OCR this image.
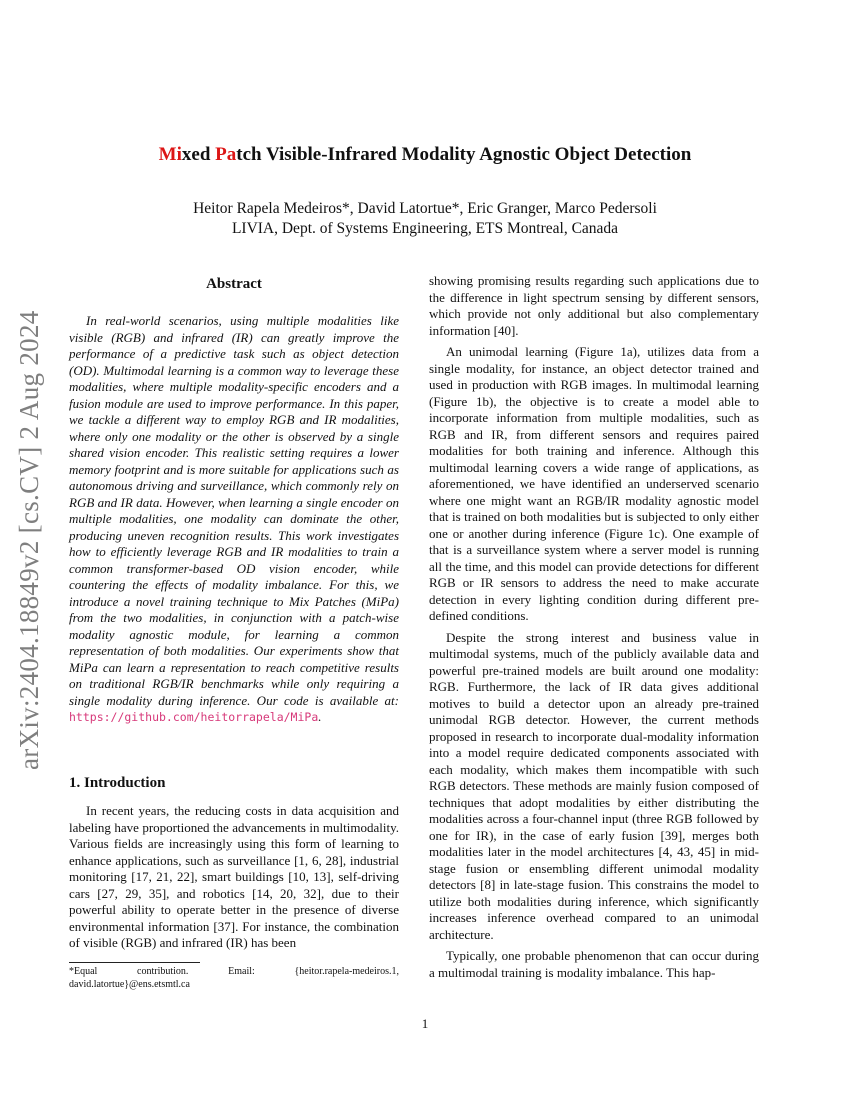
arXiv:2404.18849v2 [cs.CV] 2 Aug 2024
Mixed Patch Visible-Infrared Modality Agnostic Object Detection
Heitor Rapela Medeiros*, David Latortue*, Eric Granger, Marco Pedersoli
LIVIA, Dept. of Systems Engineering, ETS Montreal, Canada
Abstract

In real-world scenarios, using multiple modalities like visible (RGB) and infrared (IR) can greatly improve the performance of a predictive task such as object detection (OD). Multimodal learning is a common way to leverage these modalities, where multiple modality-specific encoders and a fusion module are used to improve performance. In this paper, we tackle a different way to employ RGB and IR modalities, where only one modality or the other is observed by a single shared vision encoder. This realistic setting requires a lower memory footprint and is more suitable for applications such as autonomous driving and surveillance, which commonly rely on RGB and IR data. However, when learning a single encoder on multiple modalities, one modality can dominate the other, producing uneven recognition results. This work investigates how to efficiently leverage RGB and IR modalities to train a common transformer-based OD vision encoder, while countering the effects of modality imbalance. For this, we introduce a novel training technique to Mix Patches (MiPa) from the two modalities, in conjunction with a patch-wise modality agnostic module, for learning a common representation of both modalities. Our experiments show that MiPa can learn a representation to reach competitive results on traditional RGB/IR benchmarks while only requiring a single modality during inference. Our code is available at: https://github.com/heitorrapela/MiPa.

1. Introduction

In recent years, the reducing costs in data acquisition and labeling have proportioned the advancements in multimodality. Various fields are increasingly using this form of learning to enhance applications, such as surveillance [1, 6, 28], industrial monitoring [17, 21, 22], smart buildings [10, 13], self-driving cars [27, 29, 35], and robotics [14, 20, 32], due to their powerful ability to operate better in the presence of diverse environmental information [37]. For instance, the combination of visible (RGB) and infrared (IR) has been

*Equal contribution. Email: {heitor.rapela-medeiros.1, david.latortue}@ens.etsmtl.ca

showing promising results regarding such applications due to the difference in light spectrum sensing by different sensors, which provide not only additional but also complementary information [40].

An unimodal learning (Figure 1a), utilizes data from a single modality, for instance, an object detector trained and used in production with RGB images. In multimodal learning (Figure 1b), the objective is to create a model able to incorporate information from multiple modalities, such as RGB and IR, from different sensors and requires paired modalities for both training and inference. Although this multimodal learning covers a wide range of applications, as aforementioned, we have identified an underserved scenario where one might want an RGB/IR modality agnostic model that is trained on both modalities but is subjected to only either one or another during inference (Figure 1c). One example of that is a surveillance system where a server model is running all the time, and this model can provide detections for different RGB or IR sensors to address the need to make accurate detection in every lighting condition during different pre-defined conditions.

Despite the strong interest and business value in multimodal systems, much of the publicly available data and powerful pre-trained models are built around one modality: RGB. Furthermore, the lack of IR data gives additional motives to build a detector upon an already pre-trained unimodal RGB detector. However, the current methods proposed in research to incorporate dual-modality information into a model require dedicated components associated with each modality, which makes them incompatible with such RGB detectors. These methods are mainly fusion composed of techniques that adopt modalities by either distributing the modalities across a four-channel input (three RGB followed by one for IR), in the case of early fusion [39], merges both modalities later in the model architectures [4, 43, 45] in mid-stage fusion or ensembling different unimodal modality detectors [8] in late-stage fusion. This constrains the model to utilize both modalities during inference, which significantly increases inference overhead compared to an unimodal architecture.

Typically, one probable phenomenon that can occur during a multimodal training is modality imbalance. This hap-

1
